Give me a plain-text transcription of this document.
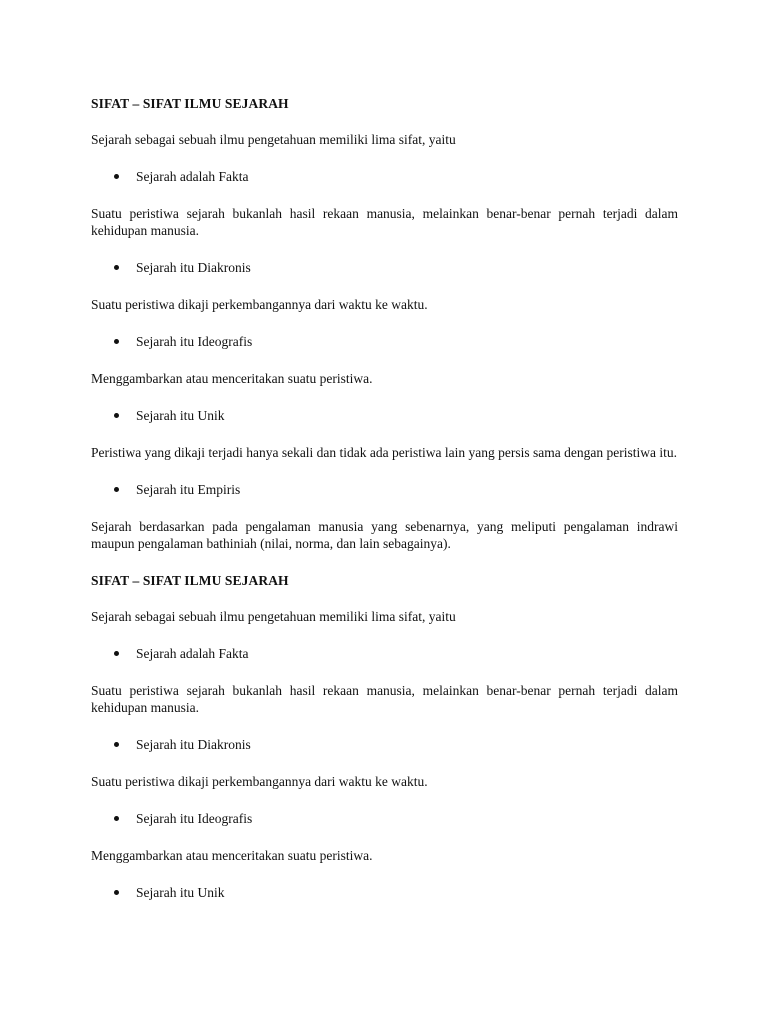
SIFAT – SIFAT ILMU SEJARAH
Sejarah sebagai sebuah ilmu pengetahuan memiliki lima sifat, yaitu
Sejarah adalah Fakta
Suatu peristiwa sejarah bukanlah hasil rekaan manusia, melainkan benar-benar pernah terjadi dalam kehidupan manusia.
Sejarah itu Diakronis
Suatu peristiwa dikaji perkembangannya dari waktu ke waktu.
Sejarah itu Ideografis
Menggambarkan atau menceritakan suatu peristiwa.
Sejarah itu Unik
Peristiwa yang dikaji terjadi hanya sekali dan tidak ada peristiwa lain yang persis sama dengan peristiwa itu.
Sejarah itu Empiris
Sejarah berdasarkan pada pengalaman manusia yang sebenarnya, yang meliputi pengalaman indrawi maupun pengalaman bathiniah (nilai, norma, dan lain sebagainya).
SIFAT – SIFAT ILMU SEJARAH
Sejarah sebagai sebuah ilmu pengetahuan memiliki lima sifat, yaitu
Sejarah adalah Fakta
Suatu peristiwa sejarah bukanlah hasil rekaan manusia, melainkan benar-benar pernah terjadi dalam kehidupan manusia.
Sejarah itu Diakronis
Suatu peristiwa dikaji perkembangannya dari waktu ke waktu.
Sejarah itu Ideografis
Menggambarkan atau menceritakan suatu peristiwa.
Sejarah itu Unik
